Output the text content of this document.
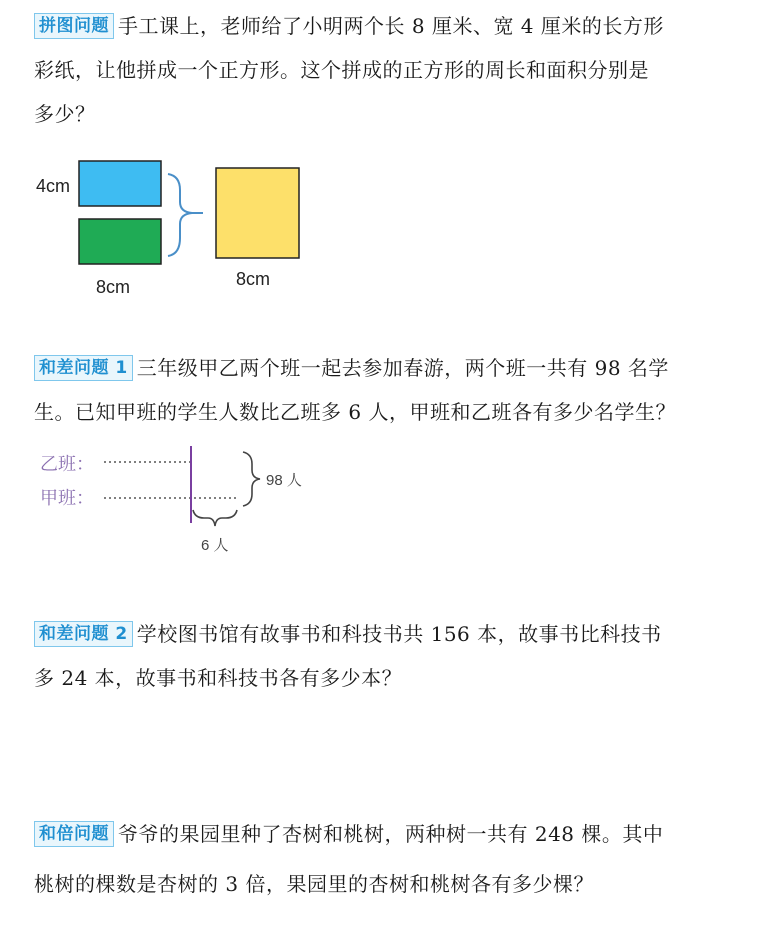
拼图问题 手工课上，老师给了小明两个长 8 厘米、宽 4 厘米的长方形
彩纸，让他拼成一个正方形。这个拼成的正方形的周长和面积分别是
多少？
4cm
8cm	8cm
和差问题 1 三年级甲乙两个班一起去参加春游，两个班一共有 98 名学
生。已知甲班的学生人数比乙班多 6 人，甲班和乙班各有多少名学生？
乙班：
甲班：
98 人
6 人
和差问题 2 学校图书馆有故事书和科技书共 156 本，故事书比科技书
多 24 本，故事书和科技书各有多少本？
和倍问题 爷爷的果园里种了杏树和桃树，两种树一共有 248 棵。其中
桃树的棵数是杏树的 3 倍，果园里的杏树和桃树各有多少棵？
